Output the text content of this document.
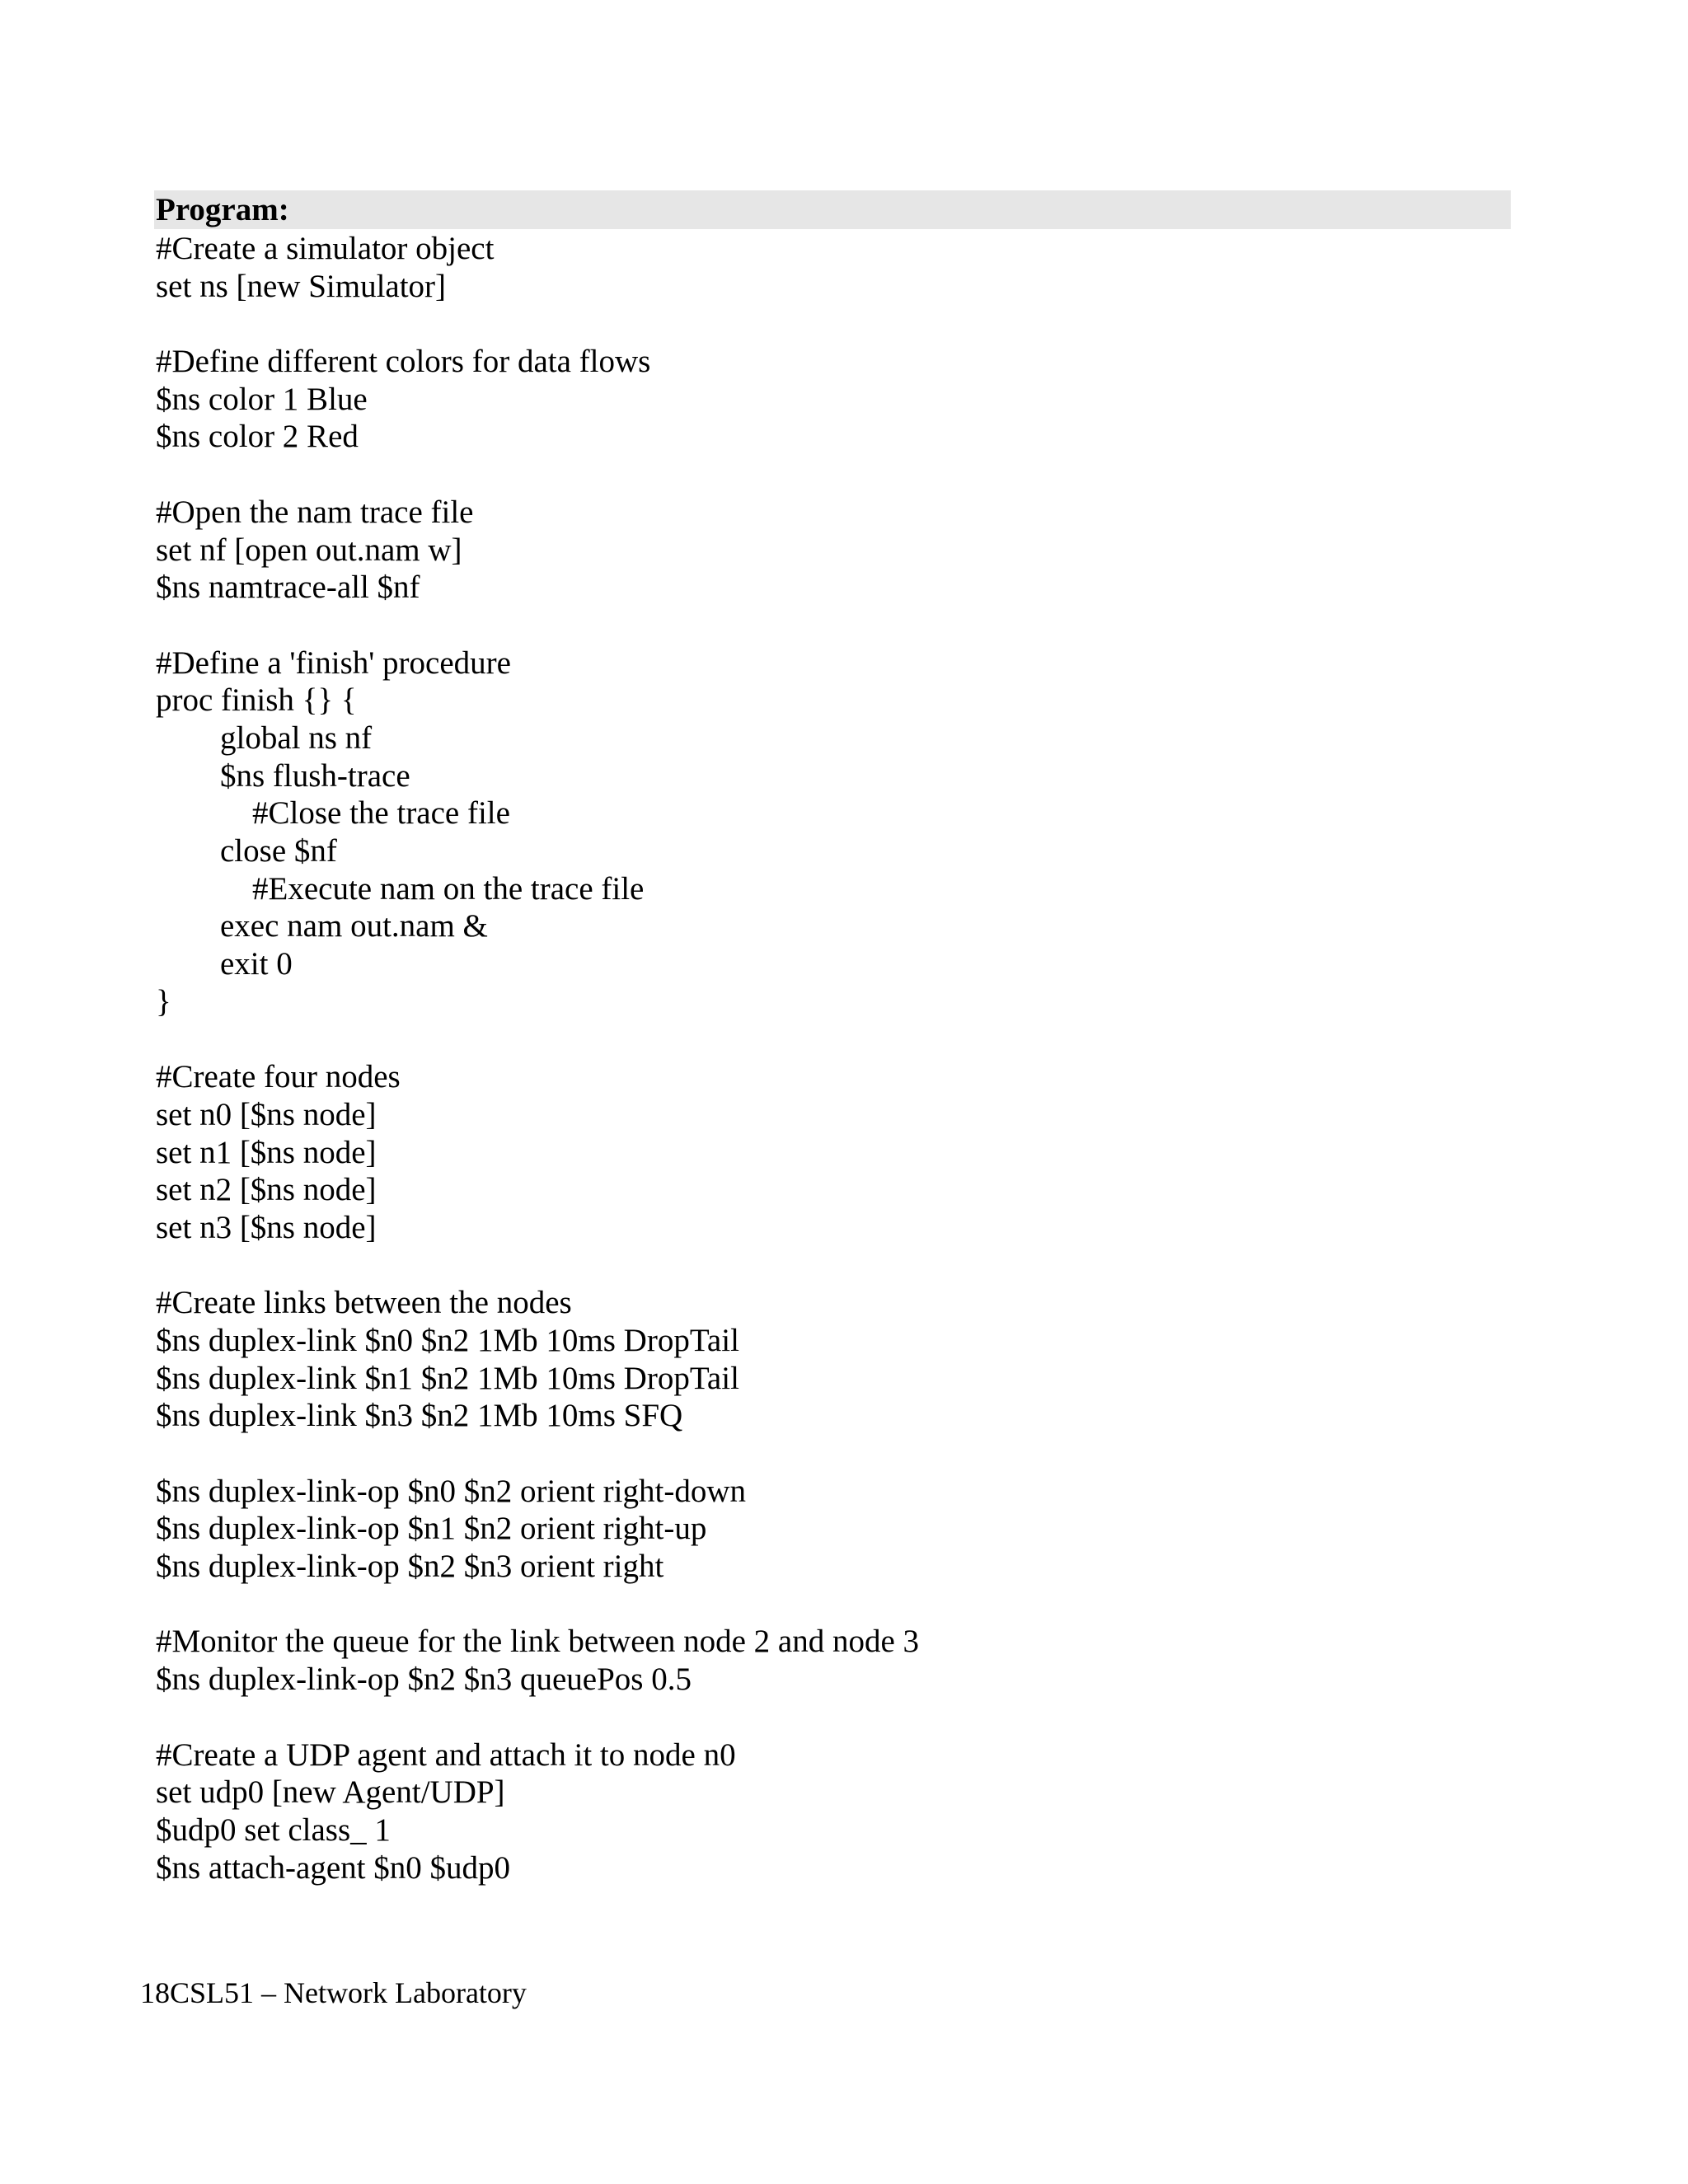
Program:
#Create a simulator object
set ns [new Simulator]
#Define different colors for data flows
$ns color 1 Blue
$ns color 2 Red
#Open the nam trace file
set nf [open out.nam w]
$ns namtrace-all $nf
#Define a 'finish' procedure
proc finish {} {
global ns nf
$ns flush-trace
#Close the trace file
close $nf
#Execute nam on the trace file
exec nam out.nam &
exit 0
}
#Create four nodes
set n0 [$ns node]
set n1 [$ns node]
set n2 [$ns node]
set n3 [$ns node]
#Create links between the nodes
$ns duplex-link $n0 $n2 1Mb 10ms DropTail
$ns duplex-link $n1 $n2 1Mb 10ms DropTail
$ns duplex-link $n3 $n2 1Mb 10ms SFQ
$ns duplex-link-op $n0 $n2 orient right-down
$ns duplex-link-op $n1 $n2 orient right-up
$ns duplex-link-op $n2 $n3 orient right
#Monitor the queue for the link between node 2 and node 3
$ns duplex-link-op $n2 $n3 queuePos 0.5
#Create a UDP agent and attach it to node n0
set udp0 [new Agent/UDP]
$udp0 set class_ 1
$ns attach-agent $n0 $udp0
18CSL51 – Network Laboratory
